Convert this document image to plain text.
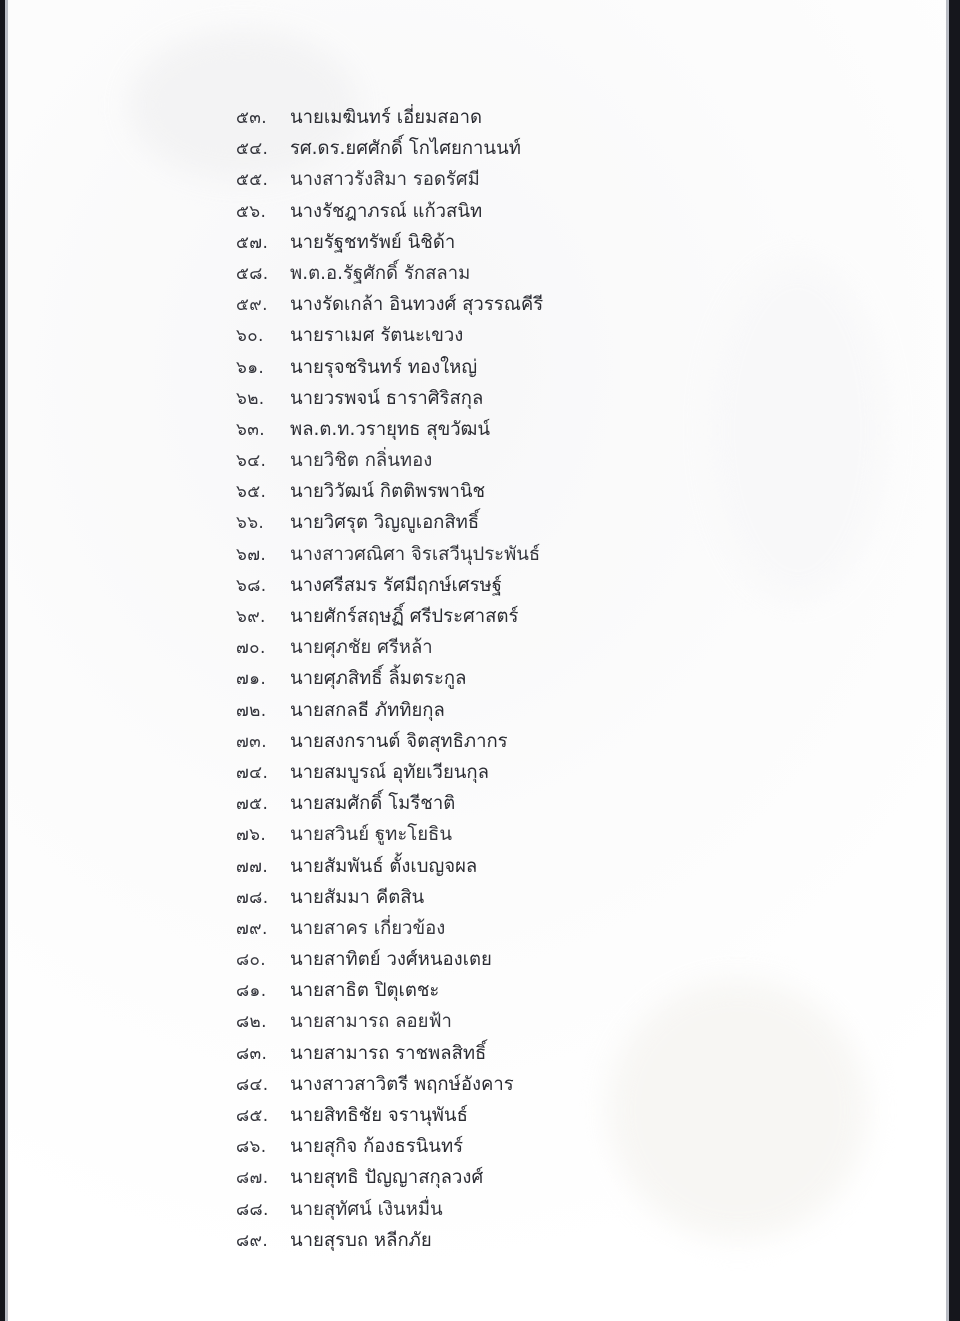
๕๓.	นายเมฆินทร์ เอี่ยมสอาด
๕๔.	รศ.ดร.ยศศักดิ์ โกไศยกานนท์
๕๕.	นางสาวรังสิมา รอดรัศมี
๕๖.	นางรัชฎาภรณ์ แก้วสนิท
๕๗.	นายรัฐชทรัพย์ นิชิด้า
๕๘.	พ.ต.อ.รัฐศักดิ์ รักสลาม
๕๙.	นางรัดเกล้า อินทวงศ์ สุวรรณคีรี
๖๐.	นายราเมศ รัตนะเขวง
๖๑.	นายรุจชรินทร์ ทองใหญ่
๖๒.	นายวรพจน์ ธาราศิริสกุล
๖๓.	พล.ต.ท.วรายุทธ สุขวัฒน์
๖๔.	นายวิชิต กลิ่นทอง
๖๕.	นายวิวัฒน์ กิตติพรพานิช
๖๖.	นายวิศรุต วิญญูเอกสิทธิ์
๖๗.	นางสาวศณิศา จิรเสวีนุประพันธ์
๖๘.	นางศรีสมร รัศมีฤกษ์เศรษฐ์
๖๙.	นายศักร์สฤษฏิ์ ศรีประศาสตร์
๗๐.	นายศุภชัย ศรีหล้า
๗๑.	นายศุภสิทธิ์ ลิ้มตระกูล
๗๒.	นายสกลธี ภัททิยกุล
๗๓.	นายสงกรานต์ จิตสุทธิภากร
๗๔.	นายสมบูรณ์ อุทัยเวียนกุล
๗๕.	นายสมศักดิ์ โมรีชาติ
๗๖.	นายสวินย์ ฐูทะโยธิน
๗๗.	นายสัมพันธ์ ตั้งเบญจผล
๗๘.	นายสัมมา คีตสิน
๗๙.	นายสาคร เกี่ยวข้อง
๘๐.	นายสาทิตย์ วงศ์หนองเตย
๘๑.	นายสาธิต ปิตุเตชะ
๘๒.	นายสามารถ ลอยฟ้า
๘๓.	นายสามารถ ราชพลสิทธิ์
๘๔.	นางสาวสาวิตรี พฤกษ์อังคาร
๘๕.	นายสิทธิชัย จรานุพันธ์
๘๖.	นายสุกิจ ก้องธรนินทร์
๘๗.	นายสุทธิ ปัญญาสกุลวงศ์
๘๘.	นายสุทัศน์ เงินหมื่น
๘๙.	นายสุรบถ หลีกภัย
